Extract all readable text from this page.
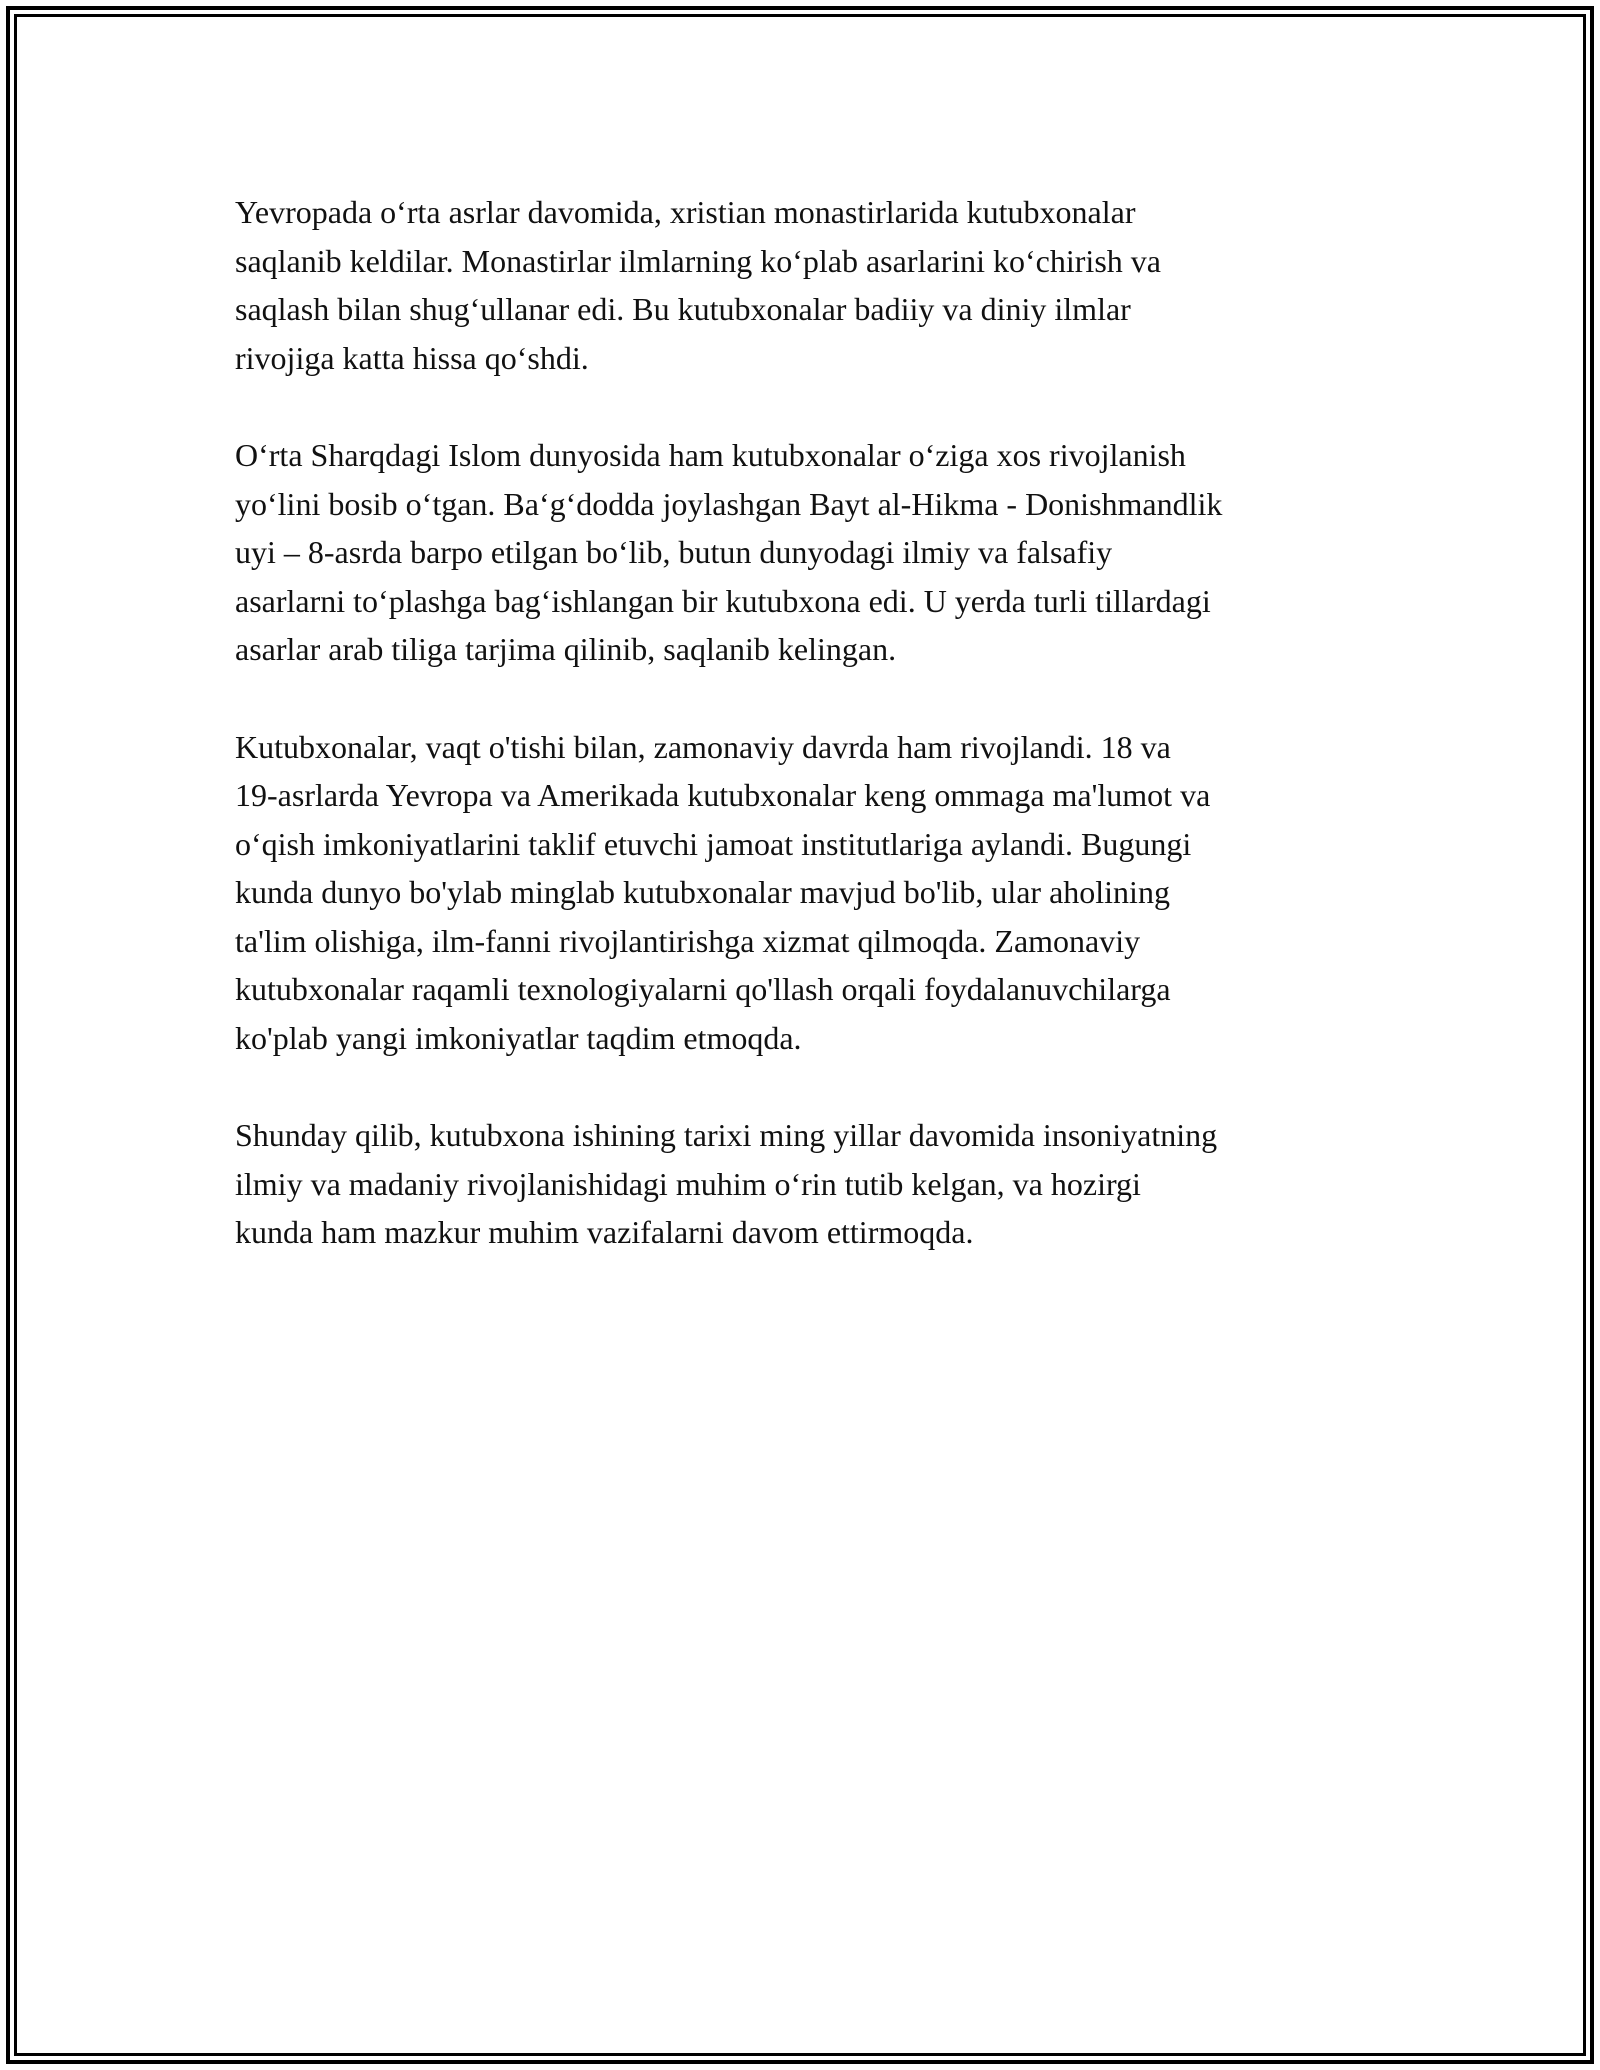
Yevropada o‘rta asrlar davomida, xristian monastirlarida kutubxonalar
saqlanib keldilar. Monastirlar ilmlarning ko‘plab asarlarini ko‘chirish va
saqlash bilan shug‘ullanar edi. Bu kutubxonalar badiiy va diniy ilmlar
rivojiga katta hissa qo‘shdi.

O‘rta Sharqdagi Islom dunyosida ham kutubxonalar o‘ziga xos rivojlanish
yo‘lini bosib o‘tgan. Ba‘g‘dodda joylashgan Bayt al-Hikma - Donishmandlik
uyi – 8-asrda barpo etilgan bo‘lib, butun dunyodagi ilmiy va falsafiy
asarlarni to‘plashga bag‘ishlangan bir kutubxona edi. U yerda turli tillardagi
asarlar arab tiliga tarjima qilinib, saqlanib kelingan.

Kutubxonalar, vaqt o'tishi bilan, zamonaviy davrda ham rivojlandi. 18 va
19-asrlarda Yevropa va Amerikada kutubxonalar keng ommaga ma'lumot va
o‘qish imkoniyatlarini taklif etuvchi jamoat institutlariga aylandi. Bugungi
kunda dunyo bo'ylab minglab kutubxonalar mavjud bo'lib, ular aholining
ta'lim olishiga, ilm-fanni rivojlantirishga xizmat qilmoqda. Zamonaviy
kutubxonalar raqamli texnologiyalarni qo'llash orqali foydalanuvchilarga
ko'plab yangi imkoniyatlar taqdim etmoqda.

Shunday qilib, kutubxona ishining tarixi ming yillar davomida insoniyatning
ilmiy va madaniy rivojlanishidagi muhim o‘rin tutib kelgan, va hozirgi
kunda ham mazkur muhim vazifalarni davom ettirmoqda.
